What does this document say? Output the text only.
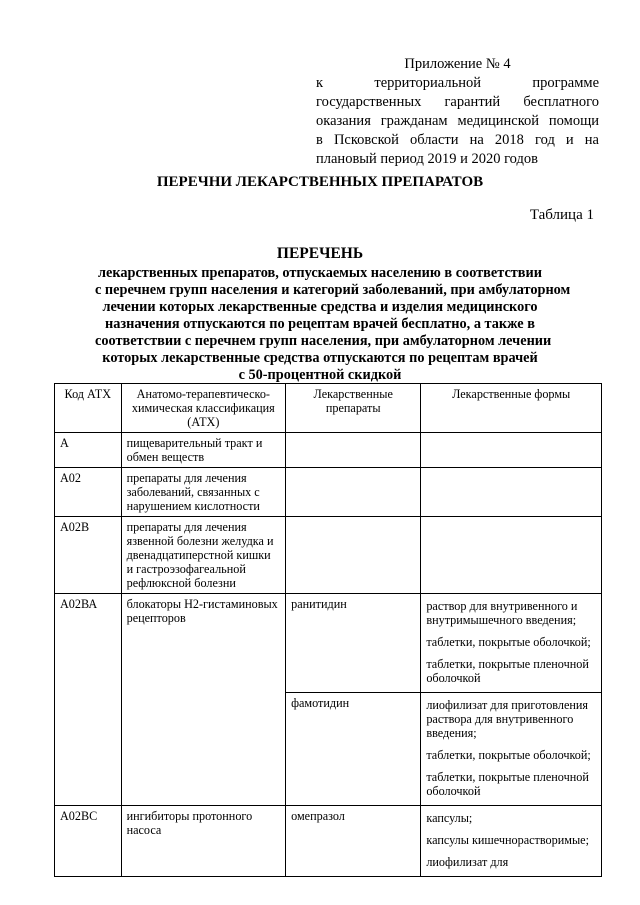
Приложение № 4
к территориальной программе
государственных гарантий бесплатного
оказания гражданам медицинской помощи
в Псковской области на 2018 год и на
плановый период 2019 и 2020 годов
ПЕРЕЧНИ ЛЕКАРСТВЕННЫХ ПРЕПАРАТОВ
Таблица 1
ПЕРЕЧЕНЬ
лекарственных препаратов, отпускаемых населению в соответствии
с перечнем групп населения и категорий заболеваний, при амбулаторном
лечении которых лекарственные средства и изделия медицинского
назначения отпускаются по рецептам врачей бесплатно, а также в
соответствии с перечнем групп населения, при амбулаторном лечении
которых лекарственные средства отпускаются по рецептам врачей
с 50-процентной скидкой
Код АТХ	Анатомо-терапевтическо-химическая классификация (АТХ)	Лекарственные препараты	Лекарственные формы
А	пищеварительный тракт и обмен веществ		
А02	препараты для лечения заболеваний, связанных с нарушением кислотности		
А02В	препараты для лечения язвенной болезни желудка и двенадцатиперстной кишки и гастроэзофагеальной рефлюксной болезни		
А02ВА	блокаторы Н2-гистаминовых рецепторов	ранитидин	раствор для внутривенного и внутримышечного введения;
таблетки, покрытые оболочкой;
таблетки, покрытые пленочной оболочкой

		фамотидин	лиофилизат для приготовления раствора для внутривенного введения;
таблетки, покрытые оболочкой;
таблетки, покрытые пленочной оболочкой

А02ВС	ингибиторы протонного насоса	омепразол	капсулы;
капсулы кишечнорастворимые;
лиофилизат для
